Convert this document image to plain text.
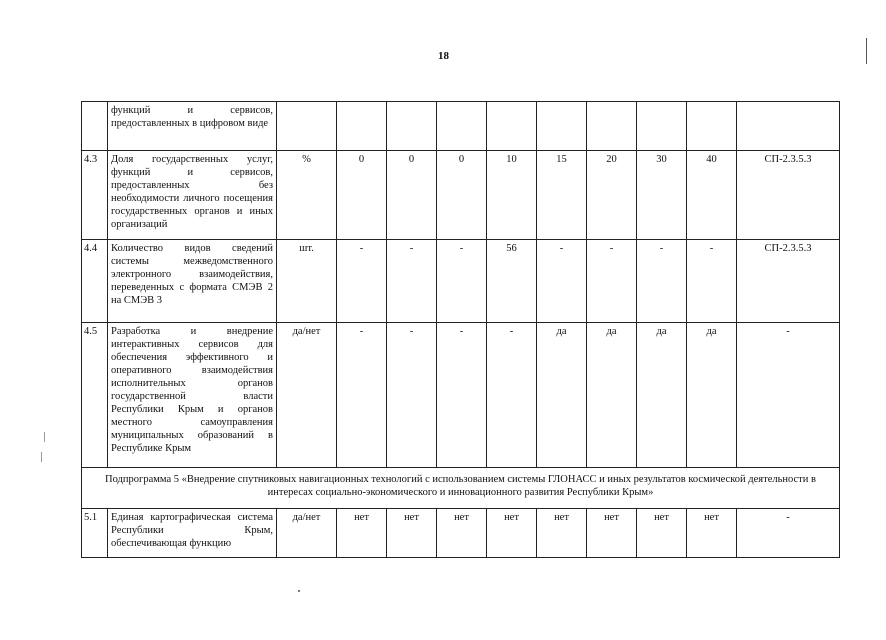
18
	функций и сервисов, предоставленных в цифровом виде										
4.3	Доля государственных услуг, функций и сервисов, предоставленных без необходимости личного посещения государственных органов и иных организаций	%	0	0	0	10	15	20	30	40	СП-2.3.5.3
4.4	Количество видов сведений системы межведомственного электронного взаимодействия, переведенных с формата СМЭВ 2 на СМЭВ 3	шт.	-	-	-	56	-	-	-	-	СП-2.3.5.3
4.5	Разработка и внедрение интерактивных сервисов для обеспечения эффективного и оперативного взаимодействия исполнительных органов государственной власти Республики Крым и органов местного самоуправления муниципальных образований в Республике Крым	да/нет	-	-	-	-	да	да	да	да	-
Подпрограмма 5 «Внедрение спутниковых навигационных технологий с использованием системы ГЛОНАСС и иных результатов космической деятельности в интересах социально-экономического и инновационного развития Республики Крым»											
5.1	Единая картографическая система Республики Крым, обеспечивающая функцию	да/нет	нет	нет	нет	нет	нет	нет	нет	нет	-
